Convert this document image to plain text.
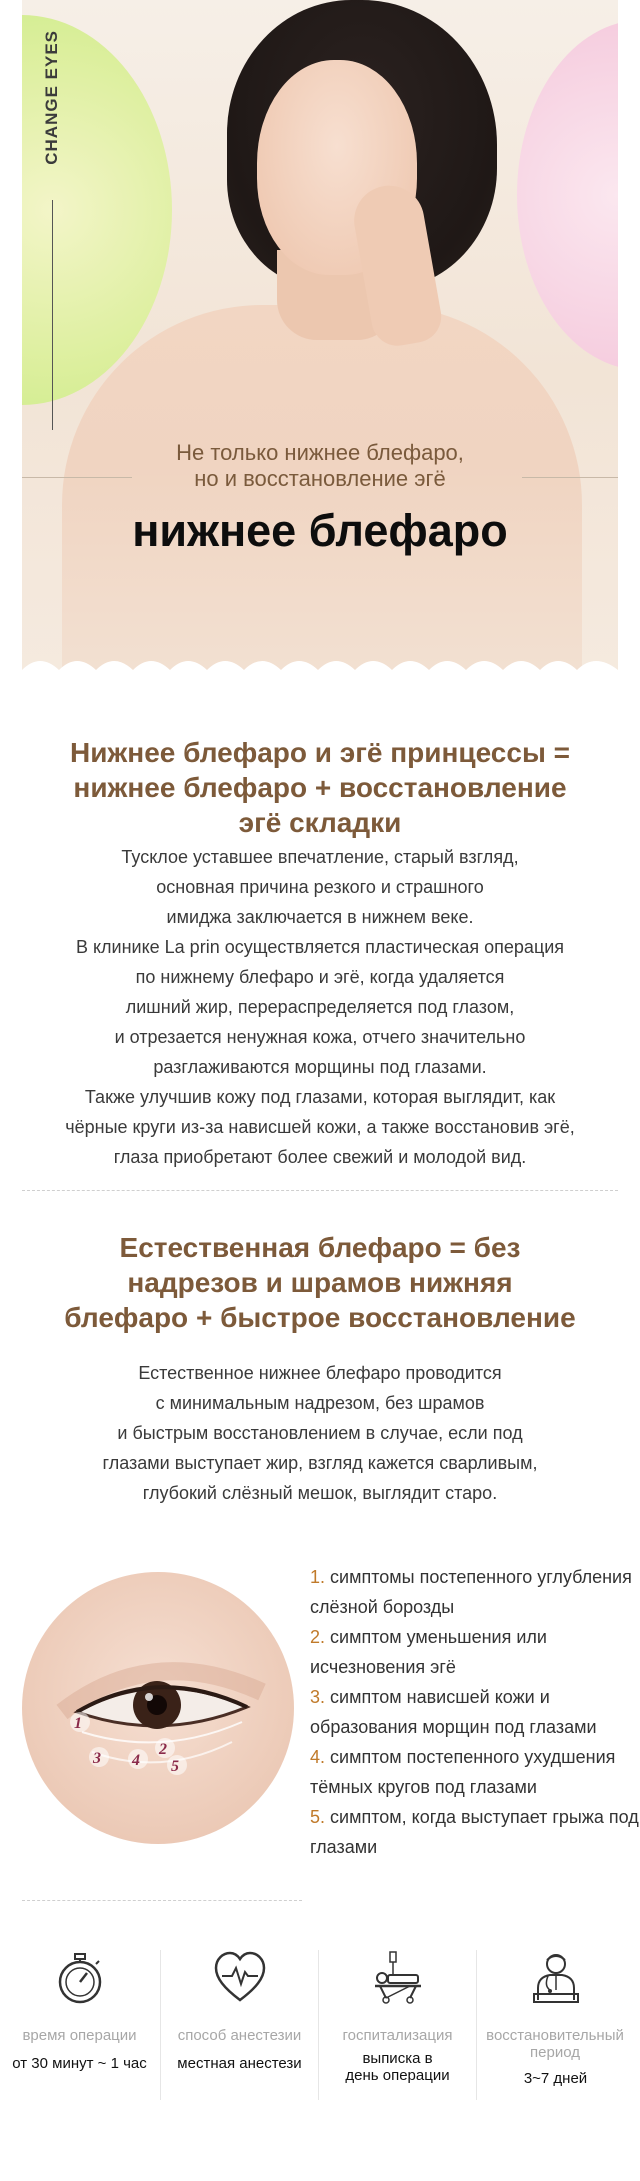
CHANGE EYES
Не только нижнее блефаро,
но и восстановление эгё
нижнее блефаро
Нижнее блефаро и эгё принцессы =
нижнее блефаро + восстановление
эгё складки
Тусклое уставшее впечатление, старый взгляд,
основная причина резкого и страшного
имиджа заключается в нижнем веке.
В клинике La prin осуществляется пластическая операция
по нижнему блефаро и эгё, когда удаляется
лишний жир, перераспределяется под глазом,
и отрезается ненужная кожа, отчего значительно
разглаживаются морщины под глазами.
Также улучшив кожу под глазами, которая выглядит, как
чёрные круги из-за нависшей кожи, а также восстановив эгё,
глаза приобретают более свежий и молодой вид.
Естественная блефаро = без
надрезов и шрамов нижняя
блефаро + быстрое восстановление
Естественное нижнее блефаро проводится
с минимальным надрезом, без шрамов
и быстрым восстановлением в случае, если под
глазами выступает жир, взгляд кажется сварливым,
глубокий слёзный мешок, выглядит старо.
1
2
3 4 5

1. симптомы постепенного углубления слёзной борозды

2. симптом уменьшения или исчезновения эгё

3. симптом нависшей кожи и образования морщин под глазами

4. симптом постепенного ухудшения тёмных кругов под глазами

5. симптом, когда выступает грыжа под глазами

время операции
от 30 минут ~ 1 час
способ анестезии
местная анестези
госпитализация
выписка в
день операции
восстановительный период
3~7 дней
